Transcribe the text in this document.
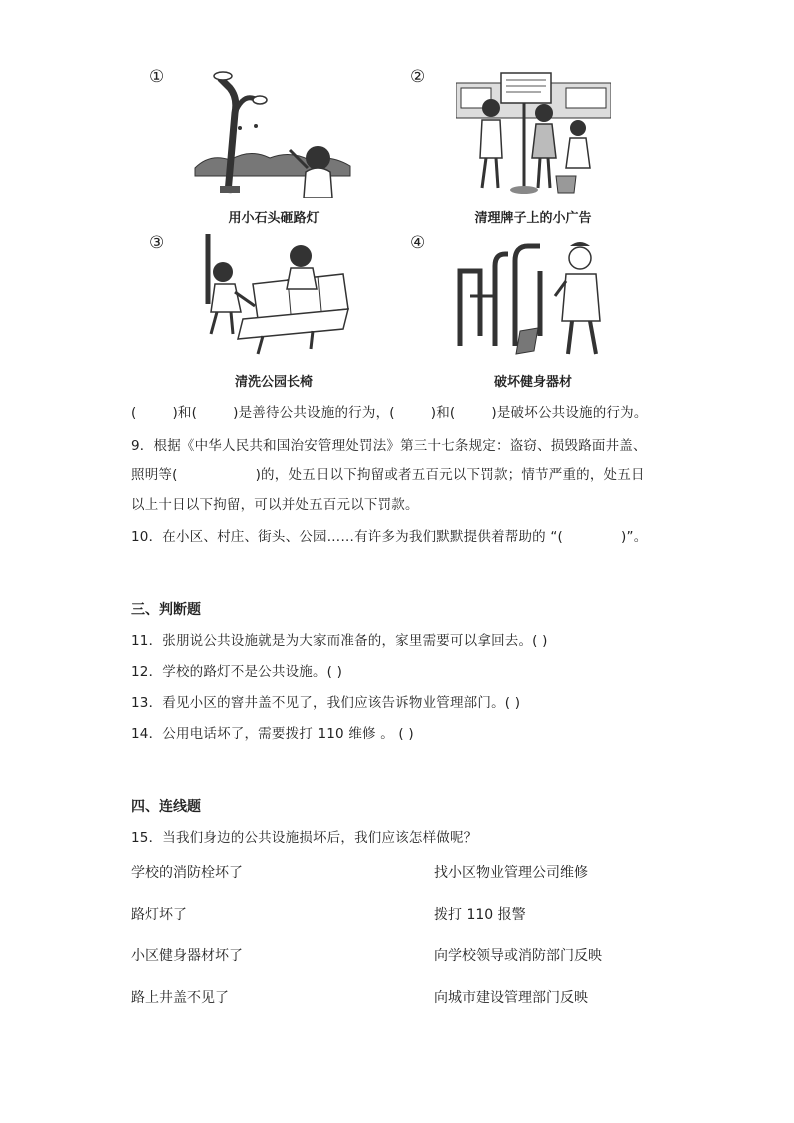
①
用小石头砸路灯
②
清理牌子上的小广告
③
清洗公园长椅
④
破坏健身器材
(	)和(	)是善待公共设施的行为，(	)和(	)是破坏公共设施的行为。
9．根据《中华人民共和国治安管理处罚法》第三十七条规定：盗窃、损毁路面井盖、
照明等(	)的，处五日以下拘留或者五百元以下罚款；情节严重的，处五日
以上十日以下拘留，可以并处五百元以下罚款。
10．在小区、村庄、街头、公园……有许多为我们默默提供着帮助的 “(	)”。
三、判断题
11．张朋说公共设施就是为大家而准备的，家里需要可以拿回去。( )
12．学校的路灯不是公共设施。( )
13．看见小区的窨井盖不见了，我们应该告诉物业管理部门。( )
14．公用电话坏了，需要拨打 110 维修 。 ( )
四、连线题
15．当我们身边的公共设施损坏后，我们应该怎样做呢？
学校的消防栓坏了
路灯坏了
小区健身器材坏了
路上井盖不见了
找小区物业管理公司维修
拨打 110 报警
向学校领导或消防部门反映
向城市建设管理部门反映
